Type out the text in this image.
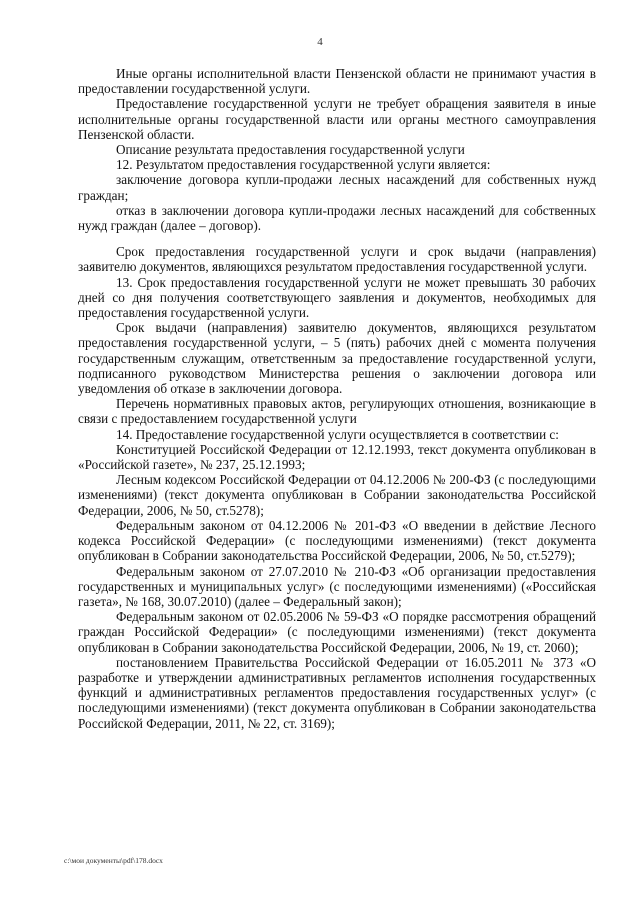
4

Иные органы исполнительной власти Пензенской области не принимают участия в предоставлении государственной услуги.

Предоставление государственной услуги не требует обращения заявителя в иные исполнительные органы государственной власти или органы местного самоуправления Пензенской области.

Описание результата предоставления государственной услуги

12. Результатом предоставления государственной услуги является:

заключение договора купли-продажи лесных насаждений для собственных нужд граждан;

отказ в заключении договора купли-продажи лесных насаждений для собственных нужд граждан (далее – договор).

Срок предоставления государственной услуги и срок выдачи (направления) заявителю документов, являющихся результатом предоставления государственной услуги.

13. Срок предоставления государственной услуги не может превышать 30 рабочих дней со дня получения соответствующего заявления и документов, необходимых для предоставления государственной услуги.

Срок выдачи (направления) заявителю документов, являющихся результатом предоставления государственной услуги, – 5 (пять) рабочих дней с момента получения государственным служащим, ответственным за предоставление государственной услуги, подписанного руководством Министерства решения о заключении договора или уведомления об отказе в заключении договора.

Перечень нормативных правовых актов, регулирующих отношения, возникающие в связи с предоставлением государственной услуги

14. Предоставление государственной услуги осуществляется в соответствии с:

Конституцией Российской Федерации от 12.12.1993, текст документа опубликован в «Российской газете», № 237, 25.12.1993;

Лесным кодексом Российской Федерации от 04.12.2006 № 200-ФЗ (с последующими изменениями) (текст документа опубликован в Собрании законодательства Российской Федерации, 2006, № 50, ст.5278);

Федеральным законом от 04.12.2006 № 201-ФЗ «О введении в действие Лесного кодекса Российской Федерации» (с последующими изменениями) (текст документа опубликован в Собрании законодательства Российской Федерации, 2006, № 50, ст.5279);

Федеральным законом от 27.07.2010 № 210-ФЗ «Об организации предоставления государственных и муниципальных услуг» (с последующими изменениями) («Российская газета», № 168, 30.07.2010) (далее – Федеральный закон);

Федеральным законом от 02.05.2006 № 59-ФЗ «О порядке рассмотрения обращений граждан Российской Федерации» (с последующими изменениями) (текст документа опубликован в Собрании законодательства Российской Федерации, 2006, № 19, ст. 2060);

постановлением Правительства Российской Федерации от 16.05.2011 № 373 «О разработке и утверждении административных регламентов исполнения государственных функций и административных регламентов предоставления государственных услуг» (с последующими изменениями) (текст документа опубликован в Собрании законодательства Российской Федерации, 2011, № 22, ст. 3169);

c:\мои документы\pdf\178.docx
